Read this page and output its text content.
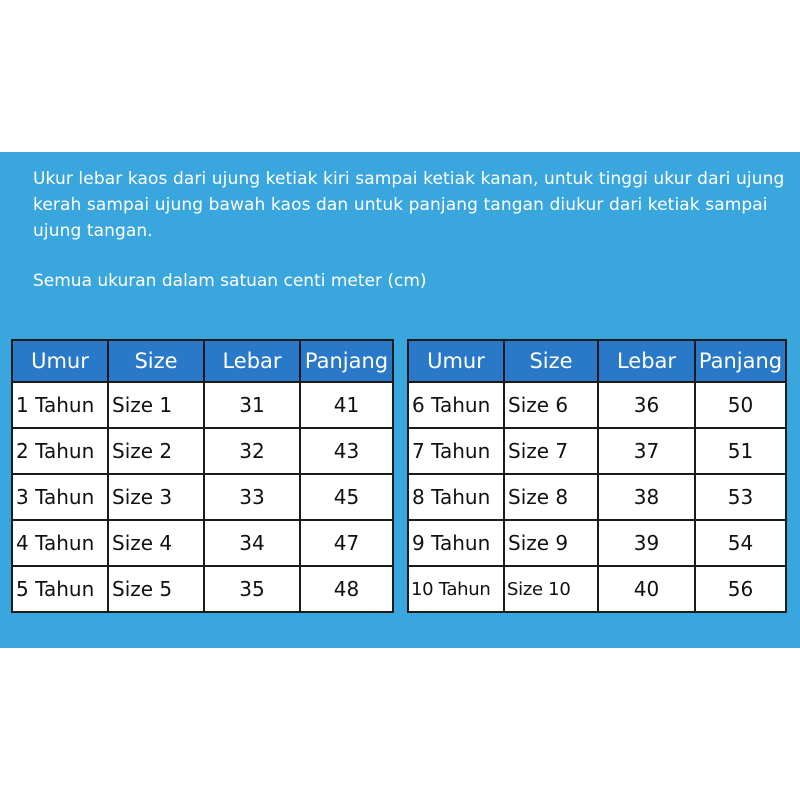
Ukur lebar kaos dari ujung ketiak kiri sampai ketiak kanan, untuk tinggi ukur dari ujung kerah sampai ujung bawah kaos dan untuk panjang tangan diukur dari ketiak sampai ujung tangan.

Semua ukuran dalam satuan centi meter (cm)

Umur	Size	Lebar	Panjang
1 Tahun	Size 1	31	41
2 Tahun	Size 2	32	43
3 Tahun	Size 3	33	45
4 Tahun	Size 4	34	47
5 Tahun	Size 5	35	48
Umur	Size	Lebar	Panjang
6 Tahun	Size 6	36	50
7 Tahun	Size 7	37	51
8 Tahun	Size 8	38	53
9 Tahun	Size 9	39	54
10 Tahun	Size 10	40	56
